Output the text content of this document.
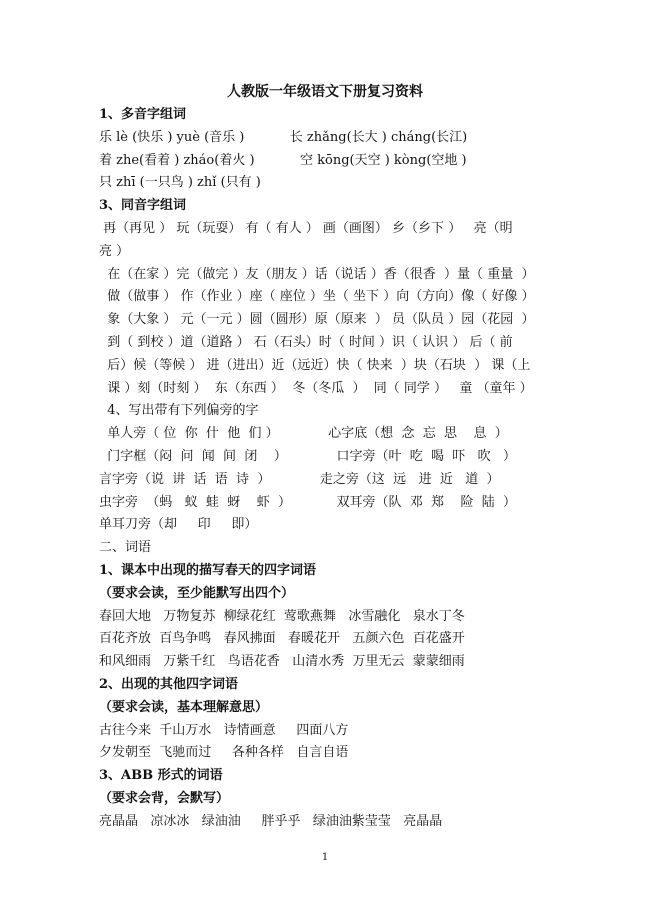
人教版一年级语文下册复习资料
1、多音字组词
乐 lè (快乐 ) yuè (音乐 )           长 zhǎng(长大 ) cháng(长江)
着 zhe(看着 ) zháo(着火 )           空 kōng(天空 ) kòng(空地 )
只 zhī (一只鸟 ) zhǐ (只有 )
3、同音字组词
再（再见 ） 玩（玩耍） 有（ 有人 ） 画（画图） 乡（乡下 ）   亮（明
亮 ）
在（在家 ）完（做完 ）友（朋友 ）话（说话 ）香（很香  ）量（ 重量  ）
做（做事 ） 作（作业 ）座（ 座位 ）坐（ 坐下 ）向（方向）像（ 好像 ）
象（大象 ） 元（一元 ）圆（圆形）原（原来  ） 员（队员 ）园（花园  ）
到（ 到校 ）道（道路 ） 石（石头）时（ 时间 ）识（ 认识 ） 后（ 前
后）候（等候 ） 进（进出）近（远近）快（ 快来  ）块（石块  ） 课（上
课 ）刻（时刻 ）  东（东西 ）  冬（冬瓜  ）  同（ 同学 ）   童 （童年 ）
4、写出带有下列偏旁的字
单人旁（ 位  你  什  他  们 ）            心字底（想  念  忘  思    息  ）
门字框（闷  问  闻  间  闭    ）            口字旁（叶  吃  喝  吓   吹   ）
言字旁（说  讲  话  语  诗  ）            走之旁（这  远   进  近   道  ）
虫字旁  （蚂   蚁  蛙  蚜    虾  ）           双耳旁（队  邓  郑    险  陆  ）
单耳刀旁（却     印     即）
二、词语
1、课本中出现的描写春天的四字词语
（要求会读，至少能默写出四个）
春回大地   万物复苏  柳绿花红  莺歌燕舞   冰雪融化   泉水丁冬
百花齐放  百鸟争鸣   春风拂面   春暖花开   五颜六色  百花盛开
和风细雨   万紫千红   鸟语花香   山清水秀  万里无云  蒙蒙细雨
2、出现的其他四字词语
（要求会读，基本理解意思）
古往今来  千山万水   诗情画意     四面八方
夕发朝至  飞驰而过     各种各样   自言自语
3、ABB 形式的词语
（要求会背，会默写）
亮晶晶   凉冰冰   绿油油     胖乎乎   绿油油紫莹莹   亮晶晶
1
